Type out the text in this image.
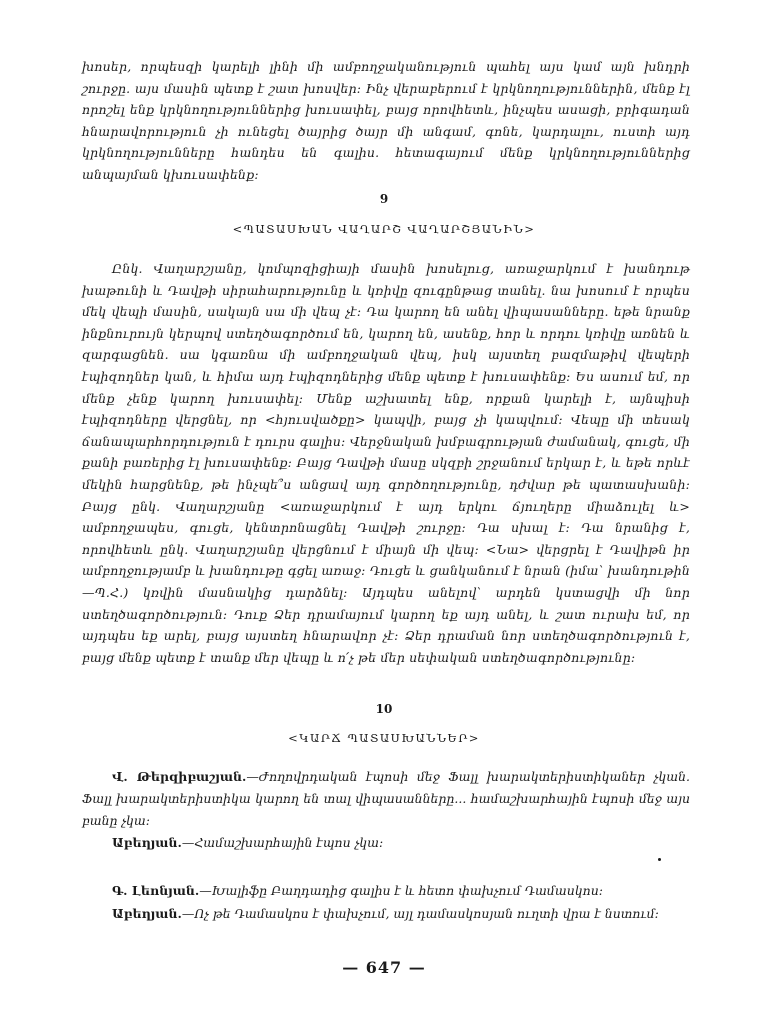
խոսեր, որպեսզի կարելի լինի մի ամբողջականություն պահել այս կամ այն խնդրի շուրջը. այս մասին պետք է շատ խոսվեր: Ինչ վերաբերում է կրկնողություններին, մենք էլ որոշել ենք կրկնողություններից խուսափել, բայց որովհետև, ինչպես ասացի, բրիգադան հնարավորություն չի ունեցել ծայրից ծայր մի անգամ, գոնե, կարդալու, ուստի այդ կրկնողությունները հանդես են գալիս. հետագայում մենք կրկնողություններից անպայման կխուսափենք:

9

<ՊԱՏԱՍԽԱՆ ՎԱՂԱՐՇ ՎԱՂԱՐՇՅԱՆԻՆ>

Ընկ. Վաղարշյանը, կոմպոզիցիայի մասին խոսելուց, առաջարկում է խանդութ խաթունի և Դավթի սիրահարությունը և կռիվը զուգընթաց տանել. նա խոսում է որպես մեկ վեպի մասին, սակայն սա մի վեպ չէ: Դա կարող են անել վիպասանները. եթե նրանք ինքնուրույն կերպով ստեղծագործում են, կարող են, ասենք, հոր և որդու կռիվը առնեն և զարգացնեն. սա կգառնա մի ամբողջական վեպ, իսկ այստեղ բազմաթիվ վեպերի էպիզոդներ կան, և հիմա այդ էպիզոդներից մենք պետք է խուսափենք: Ես ասում եմ, որ մենք չենք կարող խուսափել: Մենք աշխատել ենք, որքան կարելի է, այնպիսի էպիզոդները վերցնել, որ <հյուսվածքը> կապվի, բայց չի կապվում: Վեպը մի տեսակ ճանապարհորդություն է դուրս գալիս: Վերջնական խմբագրության ժամանակ, գուցե, մի քանի բառերից էլ խուսափենք: Բայց Դավթի մասը սկզբի շրջանում երկար է, և եթե որևէ մեկին հարցնենք, թե ինչպե՞ս անցավ այդ գործողությունը, դժվար թե պատասխանի: Բայց ընկ. Վաղարշյանը <առաջարկում է այդ երկու ճյուղերը միաձուլել և> ամբողջապես, գուցե, կենտրոնացնել Դավթի շուրջը: Դա սխալ է: Դա նրանից է, որովհետև ընկ. Վաղարշյանը վերցնում է միայն մի վեպ: <Նա> վերցրել է Դավիթն իր ամբողջությամբ և խանդութը գցել առաջ: Դուցե և ցանկանում է նրան (իմա՝ խանդութին—Պ.Հ.) կռվին մասնակից դարձնել: Այդպես անելով՝ արդեն կստացվի մի նոր ստեղծագործություն: Դուք Ձեր դրամայում կարող եք այդ անել, և շատ ուրախ եմ, որ այդպես եք արել, բայց այստեղ հնարավոր չէ: Ձեր դրաման նոր ստեղծագործություն է, բայց մենք պետք է տանք մեր վեպը և ո՛չ թե մեր սեփական ստեղծագործությունը:

10

<ԿԱՐՃ ՊԱՏԱՍԽԱՆՆԵՐ>

Վ. Թերզիբաշյան.—Ժողովրդական էպոսի մեջ Ֆալլ խարակտերիստիկաներ չկան. Ֆալլ խարակտերիստիկա կարող են տալ վիպասանները... համաշխարհային էպոսի մեջ այս բանը չկա:

Աբեղյան.—Համաշխարհային էպոս չկա:

Գ. Լեոնյան.—Խալիֆը Բաղդադից գալիս է և հետո փախչում Դամասկոս:

Աբեղյան.—Ոչ թե Դամասկոս է փախչում, այլ դամասկոսյան ուղտի վրա է նստում:

— 647 —
